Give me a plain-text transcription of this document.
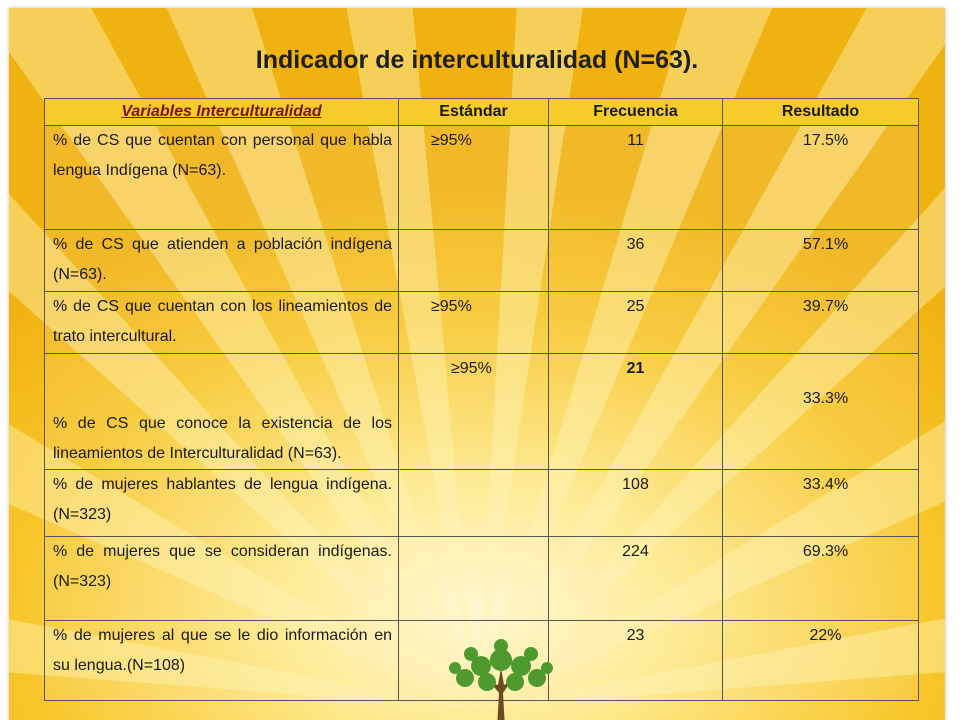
Indicador de interculturalidad (N=63).
Variables Interculturalidad	Estándar	Frecuencia	Resultado
% de CS que cuentan con personal que habla lengua Indígena (N=63).	≥95%	11	17.5%
% de CS que atienden a población indígena (N=63).		36	57.1%
% de CS que cuentan con los lineamientos de trato intercultural.	≥95%	25	39.7%
% de CS que conoce la existencia de los lineamientos de Interculturalidad (N=63).	≥95%	21	33.3%
% de mujeres hablantes de lengua indígena. (N=323)		108	33.4%
% de mujeres que se consideran indígenas. (N=323)		224	69.3%
% de mujeres al que se le dio información en su lengua.(N=108)		23	22%
